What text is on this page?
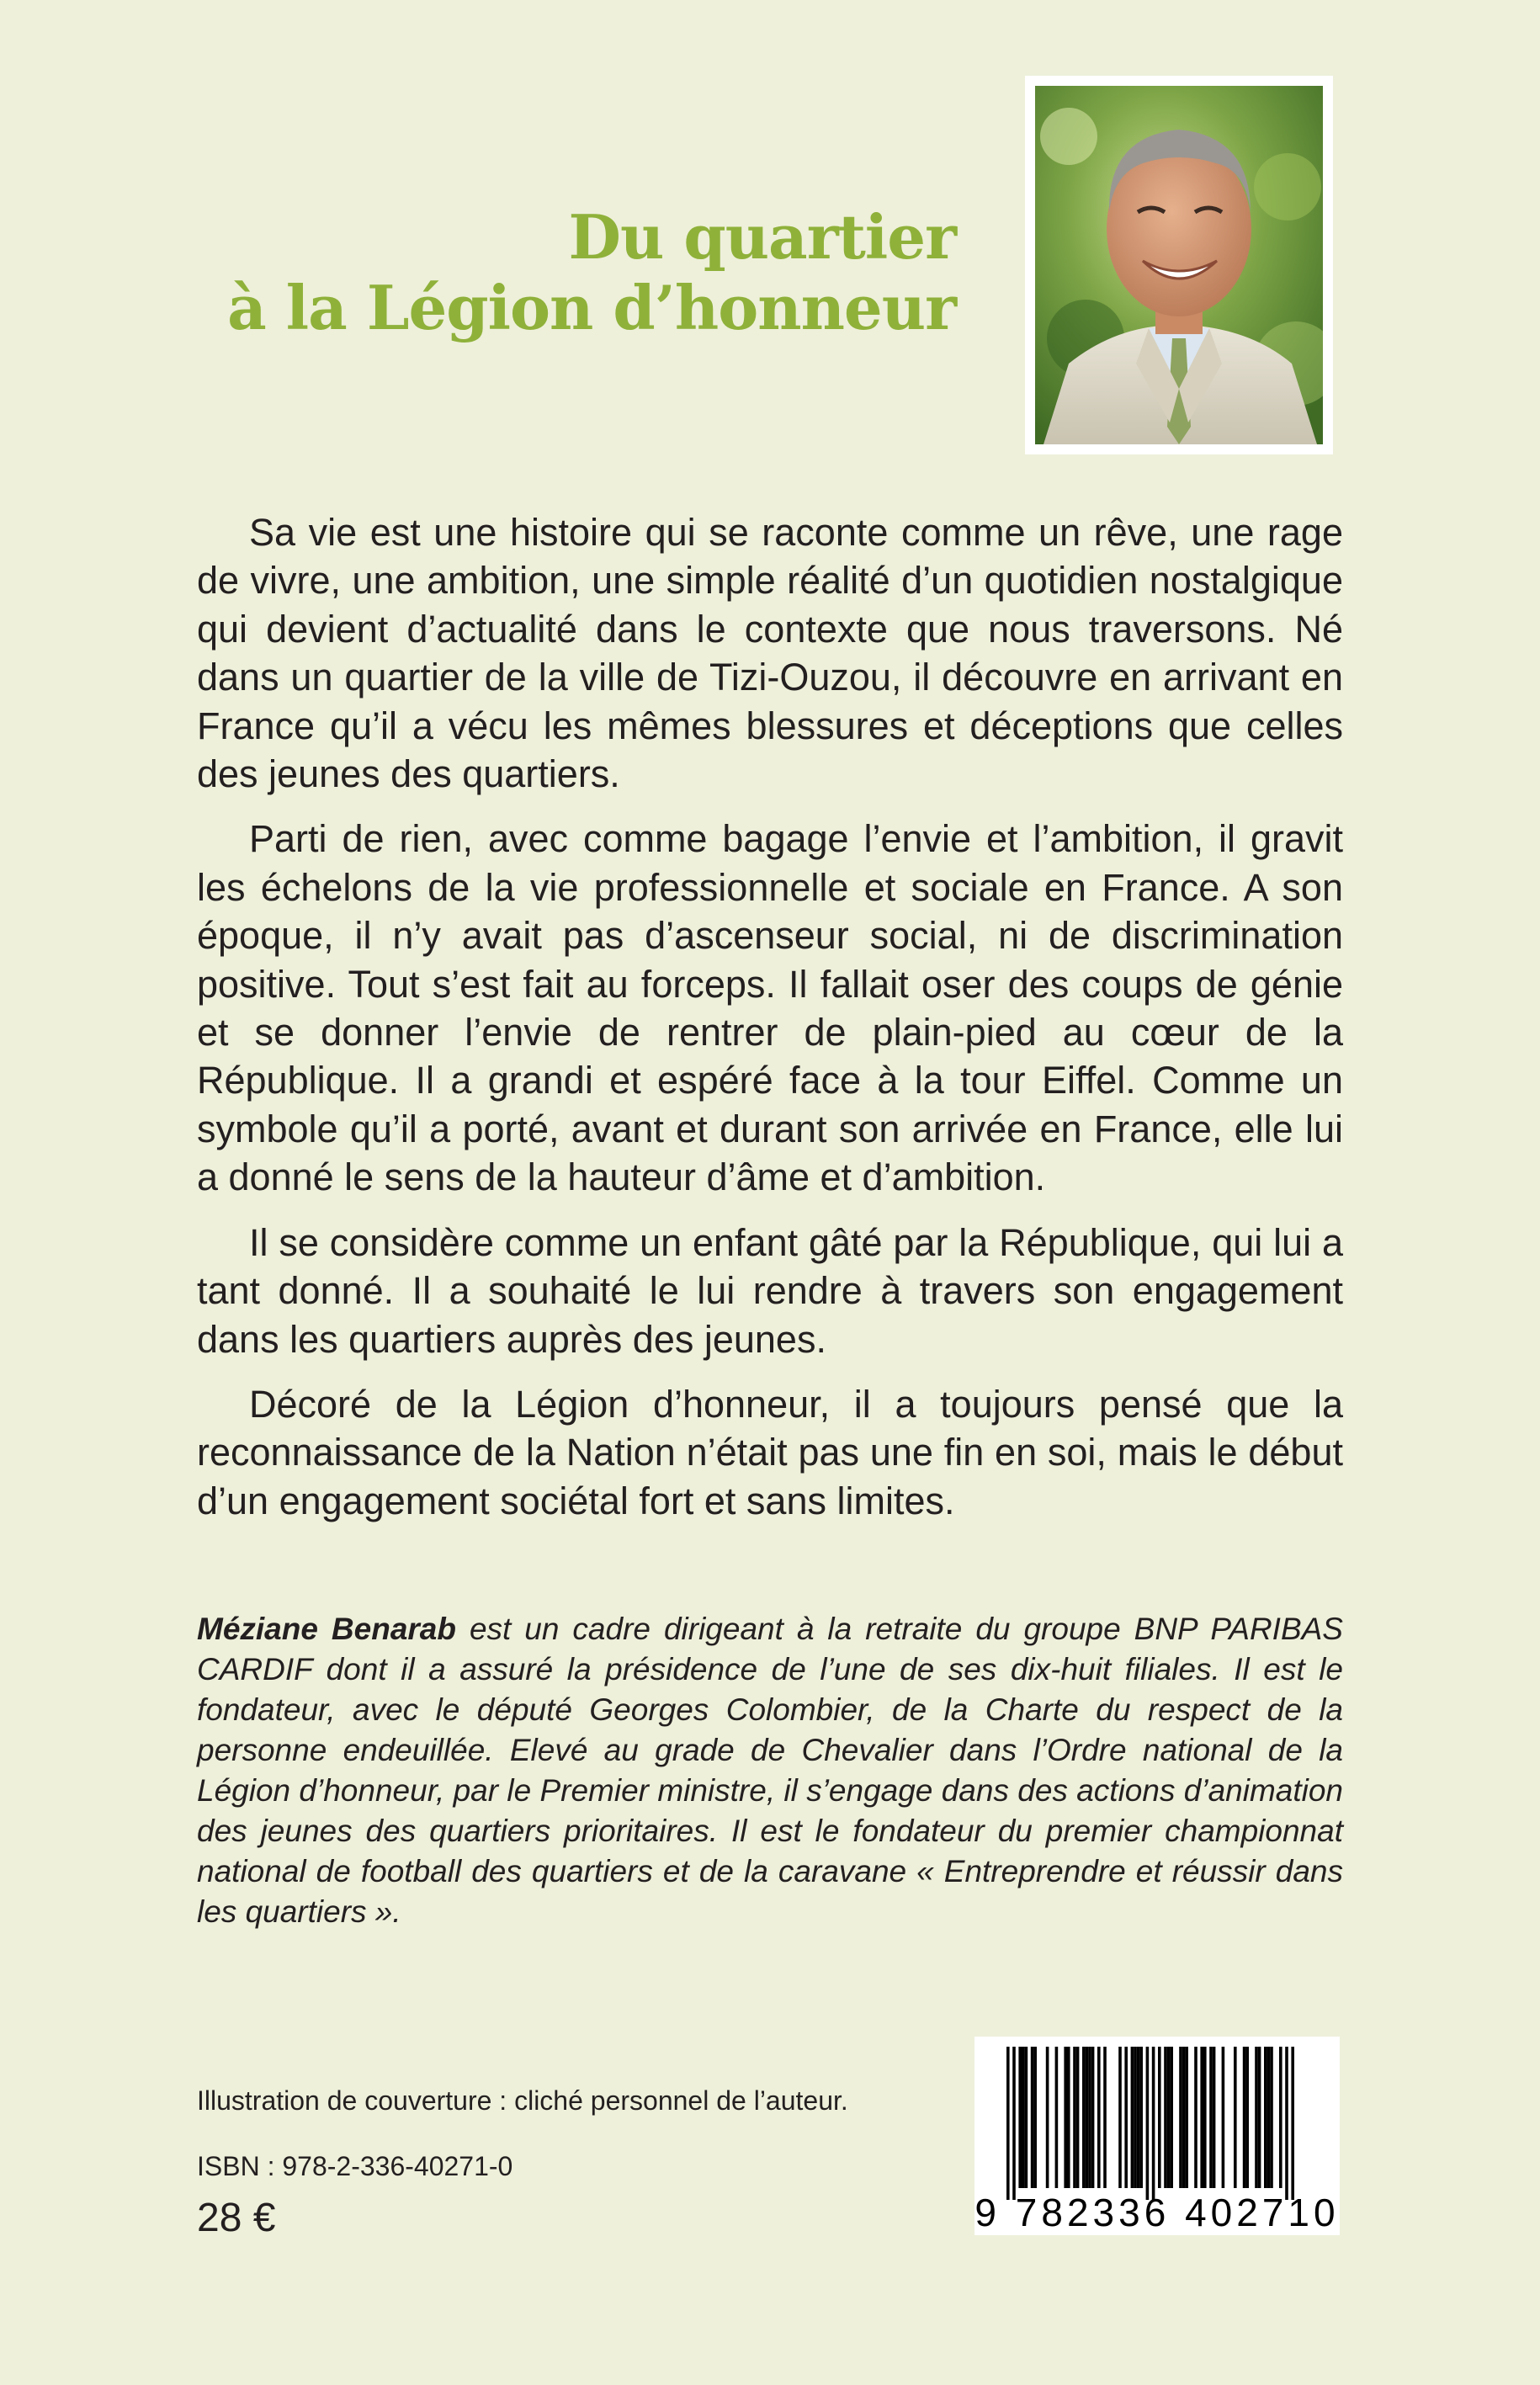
Du quartier
à la Légion d’honneur

Sa vie est une histoire qui se raconte comme un rêve, une rage de vivre, une ambition, une simple réalité d’un quotidien nostalgique qui devient d’actualité dans le contexte que nous traversons. Né dans un quartier de la ville de Tizi-Ouzou, il découvre en arrivant en France qu’il a vécu les mêmes blessures et déceptions que celles des jeunes des quartiers.

Parti de rien, avec comme bagage l’envie et l’ambition, il gravit les échelons de la vie professionnelle et sociale en France. A son époque, il n’y avait pas d’ascenseur social, ni de discrimination positive. Tout s’est fait au forceps. Il fallait oser des coups de génie et se donner l’envie de rentrer de plain-pied au cœur de la République. Il a grandi et espéré face à la tour Eiffel. Comme un symbole qu’il a porté, avant et durant son arrivée en France, elle lui a donné le sens de la hauteur d’âme et d’ambition.

Il se considère comme un enfant gâté par la République, qui lui a tant donné. Il a souhaité le lui rendre à travers son engagement dans les quartiers auprès des jeunes.

Décoré de la Légion d’honneur, il a toujours pensé que la reconnaissance de la Nation n’était pas une fin en soi, mais le début d’un engagement sociétal fort et sans limites.

Méziane Benarab est un cadre dirigeant à la retraite du groupe BNP PARIBAS CARDIF dont il a assuré la présidence de l’une de ses dix-huit filiales. Il est le fondateur, avec le député Georges Colombier, de la Charte du respect de la personne endeuillée. Elevé au grade de Chevalier dans l’Ordre national de la Légion d’honneur, par le Premier ministre, il s’engage dans des actions d’animation des jeunes des quartiers prioritaires. Il est le fondateur du premier championnat national de football des quartiers et de la caravane « Entreprendre et réussir dans les quartiers ».

Illustration de couverture : cliché personnel de l’auteur.

ISBN : 978-2-336-40271-0

28 €	9 782336 402710
